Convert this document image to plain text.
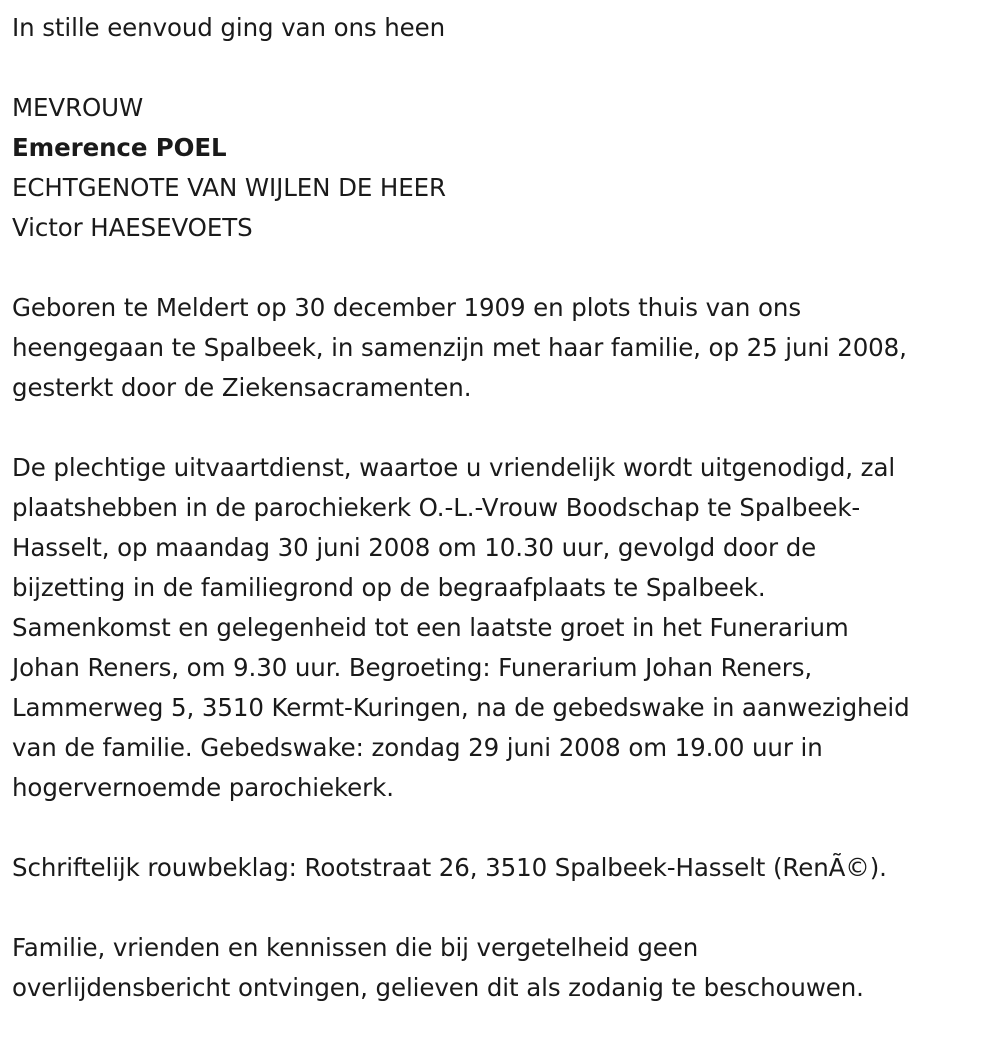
In stille eenvoud ging van ons heen

MEVROUW

Emerence POEL

ECHTGENOTE VAN WIJLEN DE HEER

Victor HAESEVOETS

Geboren te Meldert op 30 december 1909 en plots thuis van ons
heengegaan te Spalbeek, in samenzijn met haar familie, op 25 juni 2008,
gesterkt door de Ziekensacramenten.

De plechtige uitvaartdienst, waartoe u vriendelijk wordt uitgenodigd, zal
plaatshebben in de parochiekerk O.-L.-Vrouw Boodschap te Spalbeek-
Hasselt, op maandag 30 juni 2008 om 10.30 uur, gevolgd door de
bijzetting in de familiegrond op de begraafplaats te Spalbeek.
Samenkomst en gelegenheid tot een laatste groet in het Funerarium
Johan Reners, om 9.30 uur. Begroeting: Funerarium Johan Reners,
Lammerweg 5, 3510 Kermt-Kuringen, na de gebedswake in aanwezigheid
van de familie. Gebedswake: zondag 29 juni 2008 om 19.00 uur in
hogervernoemde parochiekerk.

Schriftelijk rouwbeklag: Rootstraat 26, 3510 Spalbeek-Hasselt (RenÃ©).

Familie, vrienden en kennissen die bij vergetelheid geen
overlijdensbericht ontvingen, gelieven dit als zodanig te beschouwen.
